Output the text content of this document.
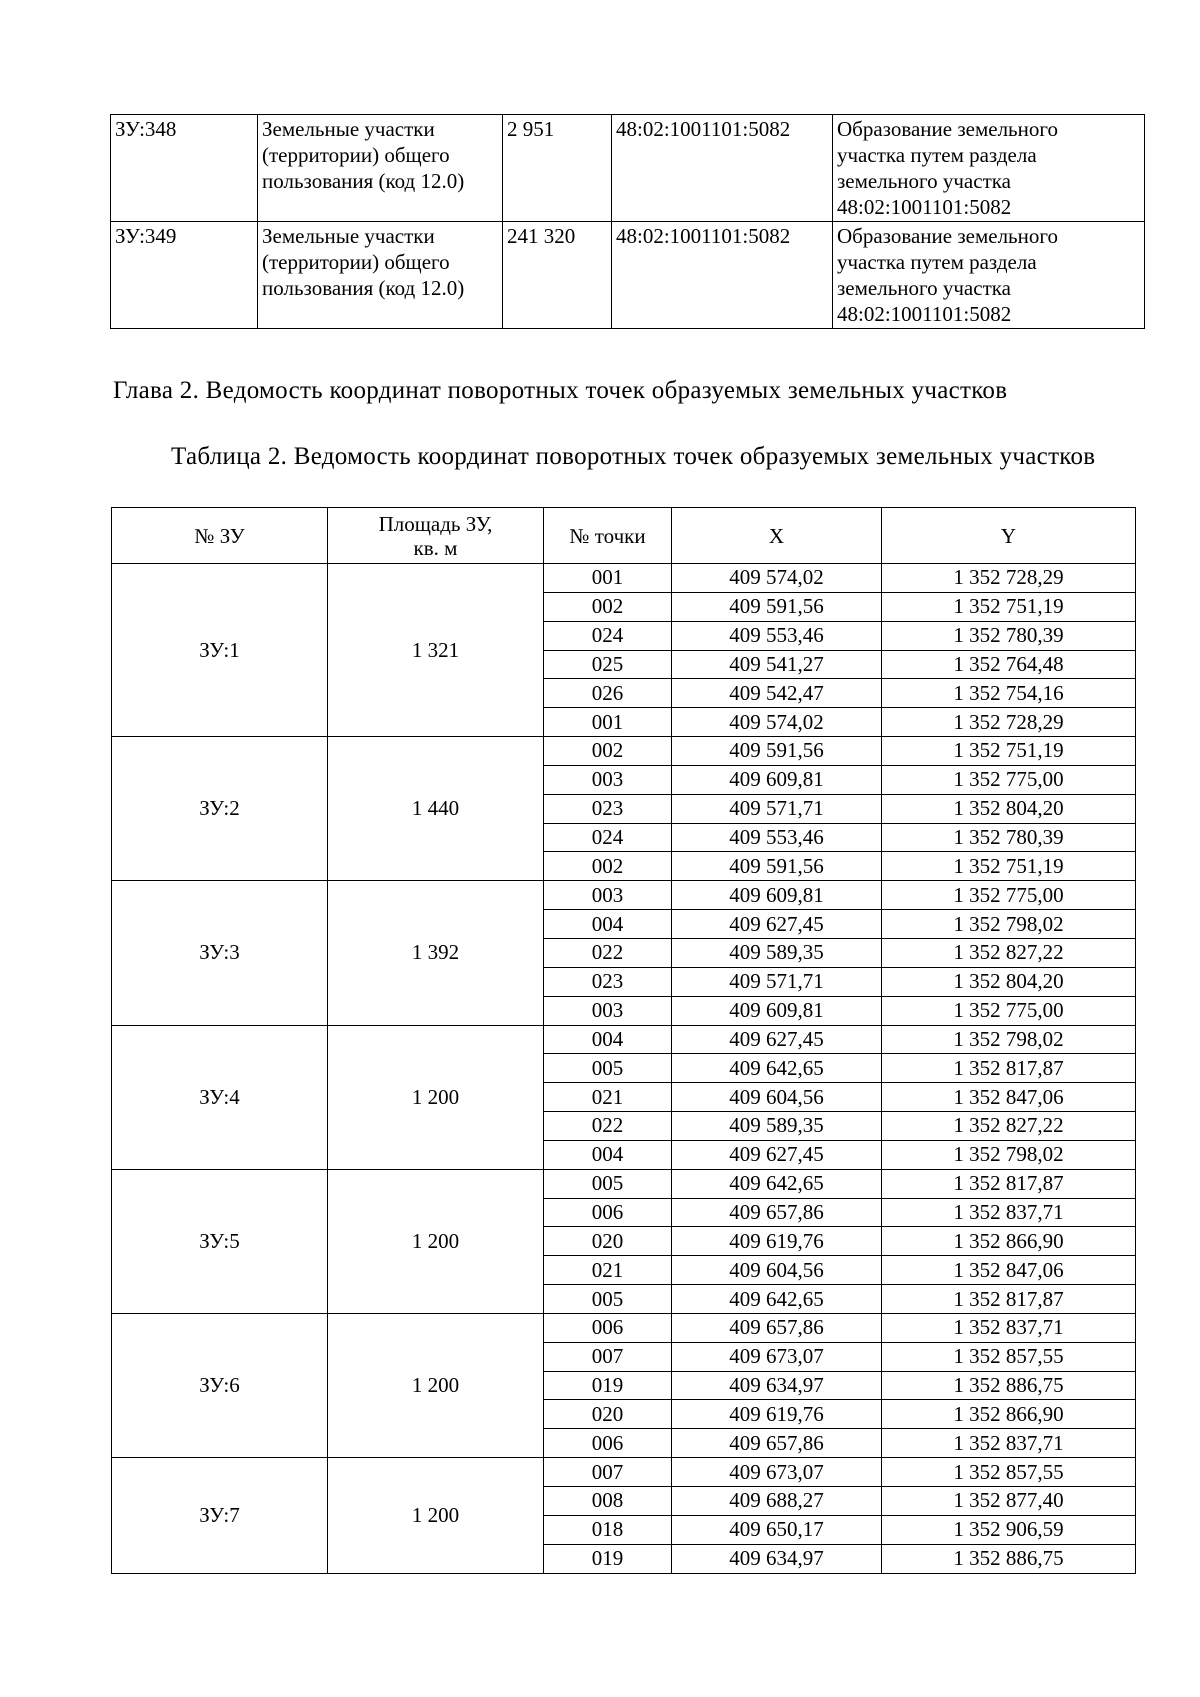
ЗУ:348	Земельные участки
(территории) общего
пользования (код 12.0)	2 951	48:02:1001101:5082	Образование земельного
участка путем раздела
земельного участка
48:02:1001101:5082

ЗУ:349	Земельные участки
(территории) общего
пользования (код 12.0)	241 320	48:02:1001101:5082	Образование земельного
участка путем раздела
земельного участка
48:02:1001101:5082
Глава 2. Ведомость координат поворотных точек образуемых земельных участков
Таблица 2. Ведомость координат поворотных точек образуемых земельных участков
№ ЗУ	Площадь ЗУ,
кв. м	№ точки	X	Y
ЗУ:1	1 321	001	409 574,02	1 352 728,29
		002	409 591,56	1 352 751,19
		024	409 553,46	1 352 780,39
		025	409 541,27	1 352 764,48
		026	409 542,47	1 352 754,16
		001	409 574,02	1 352 728,29
ЗУ:2	1 440	002	409 591,56	1 352 751,19
		003	409 609,81	1 352 775,00
		023	409 571,71	1 352 804,20
		024	409 553,46	1 352 780,39
		002	409 591,56	1 352 751,19
ЗУ:3	1 392	003	409 609,81	1 352 775,00
		004	409 627,45	1 352 798,02
		022	409 589,35	1 352 827,22
		023	409 571,71	1 352 804,20
		003	409 609,81	1 352 775,00
ЗУ:4	1 200	004	409 627,45	1 352 798,02
		005	409 642,65	1 352 817,87
		021	409 604,56	1 352 847,06
		022	409 589,35	1 352 827,22
		004	409 627,45	1 352 798,02
ЗУ:5	1 200	005	409 642,65	1 352 817,87
		006	409 657,86	1 352 837,71
		020	409 619,76	1 352 866,90
		021	409 604,56	1 352 847,06
		005	409 642,65	1 352 817,87
ЗУ:6	1 200	006	409 657,86	1 352 837,71
		007	409 673,07	1 352 857,55
		019	409 634,97	1 352 886,75
		020	409 619,76	1 352 866,90
		006	409 657,86	1 352 837,71
ЗУ:7	1 200	007	409 673,07	1 352 857,55
		008	409 688,27	1 352 877,40
		018	409 650,17	1 352 906,59
		019	409 634,97	1 352 886,75
